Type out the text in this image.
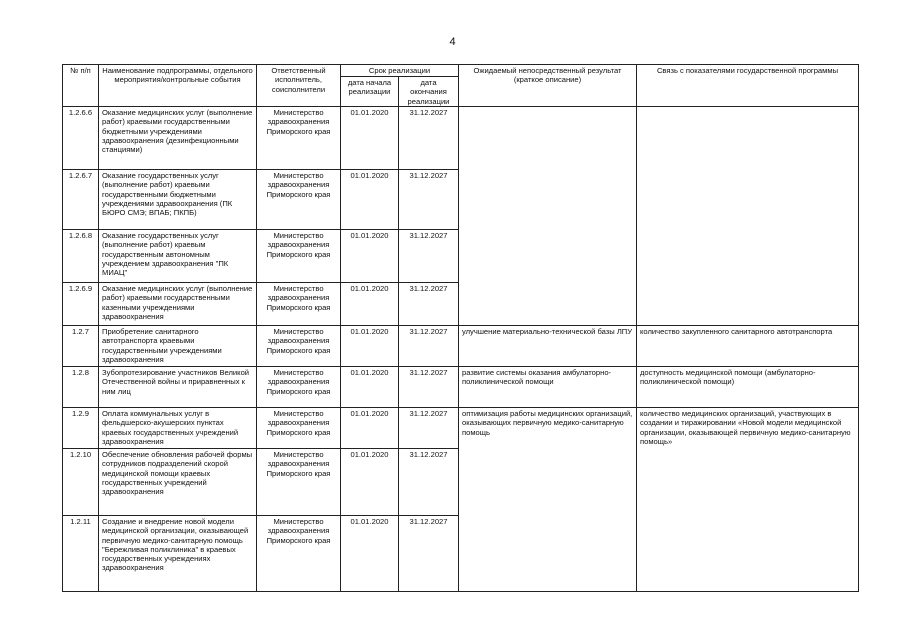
4
№ п/п	Наименование подпрограммы, отдельного мероприятия/контрольные события	Ответственный исполнитель, соисполнители	Срок реализации		Ожидаемый непосредственный результат (краткое описание)	Связь с показателями государственной программы
			дата начала реализации	дата окончания реализации		
1.2.6.6	Оказание медицинских услуг (выполнение работ) краевыми государственными бюджетными учреждениями здравоохранения (дезинфекционными станциями)	Министерство здравоохранения Приморского края	01.01.2020	31.12.2027		
1.2.6.7	Оказание государственных услуг (выполнение работ) краевыми государственными бюджетными учреждениями здравоохранения (ПК БЮРО СМЭ; ВПАБ; ПКПБ)	Министерство здравоохранения Приморского края	01.01.2020	31.12.2027		
1.2.6.8	Оказание государственных услуг (выполнение работ) краевым государственным автономным учреждением здравоохранения "ПК МИАЦ"	Министерство здравоохранения Приморского края	01.01.2020	31.12.2027		
1.2.6.9	Оказание медицинских услуг (выполнение работ) краевыми государственными казенными учреждениями здравоохранения	Министерство здравоохранения Приморского края	01.01.2020	31.12.2027		
1.2.7	Приобретение санитарного автотранспорта краевыми государственными учреждениями здравоохранения	Министерство здравоохранения Приморского края	01.01.2020	31.12.2027	улучшение материально-технической базы ЛПУ	количество закупленного санитарного автотранспорта
1.2.8	Зубопротезирование участников Великой Отечественной войны и приравненных к ним лиц	Министерство здравоохранения Приморского края	01.01.2020	31.12.2027	развитие системы оказания амбулаторно-поликлинической помощи	доступность медицинской помощи (амбулаторно-поликлинической помощи)
1.2.9	Оплата коммунальных услуг в фельдшерско-акушерских пунктах краевых государственных учреждений здравоохранения	Министерство здравоохранения Приморского края	01.01.2020	31.12.2027	оптимизация работы медицинских организаций, оказывающих первичную медико-санитарную помощь	количество медицинских организаций, участвующих в создании и тиражировании «Новой модели медицинской организации, оказывающей первичную медико-санитарную помощь»
1.2.10	Обеспечение обновления рабочей формы сотрудников подразделений скорой медицинской помощи краевых государственных учреждений здравоохранения	Министерство здравоохранения Приморского края	01.01.2020	31.12.2027		
1.2.11	Создание и внедрение новой модели медицинской организации, оказывающей первичную медико-санитарную помощь "Бережливая поликлиника" в краевых государственных учреждениях здравоохранения	Министерство здравоохранения Приморского края	01.01.2020	31.12.2027		
